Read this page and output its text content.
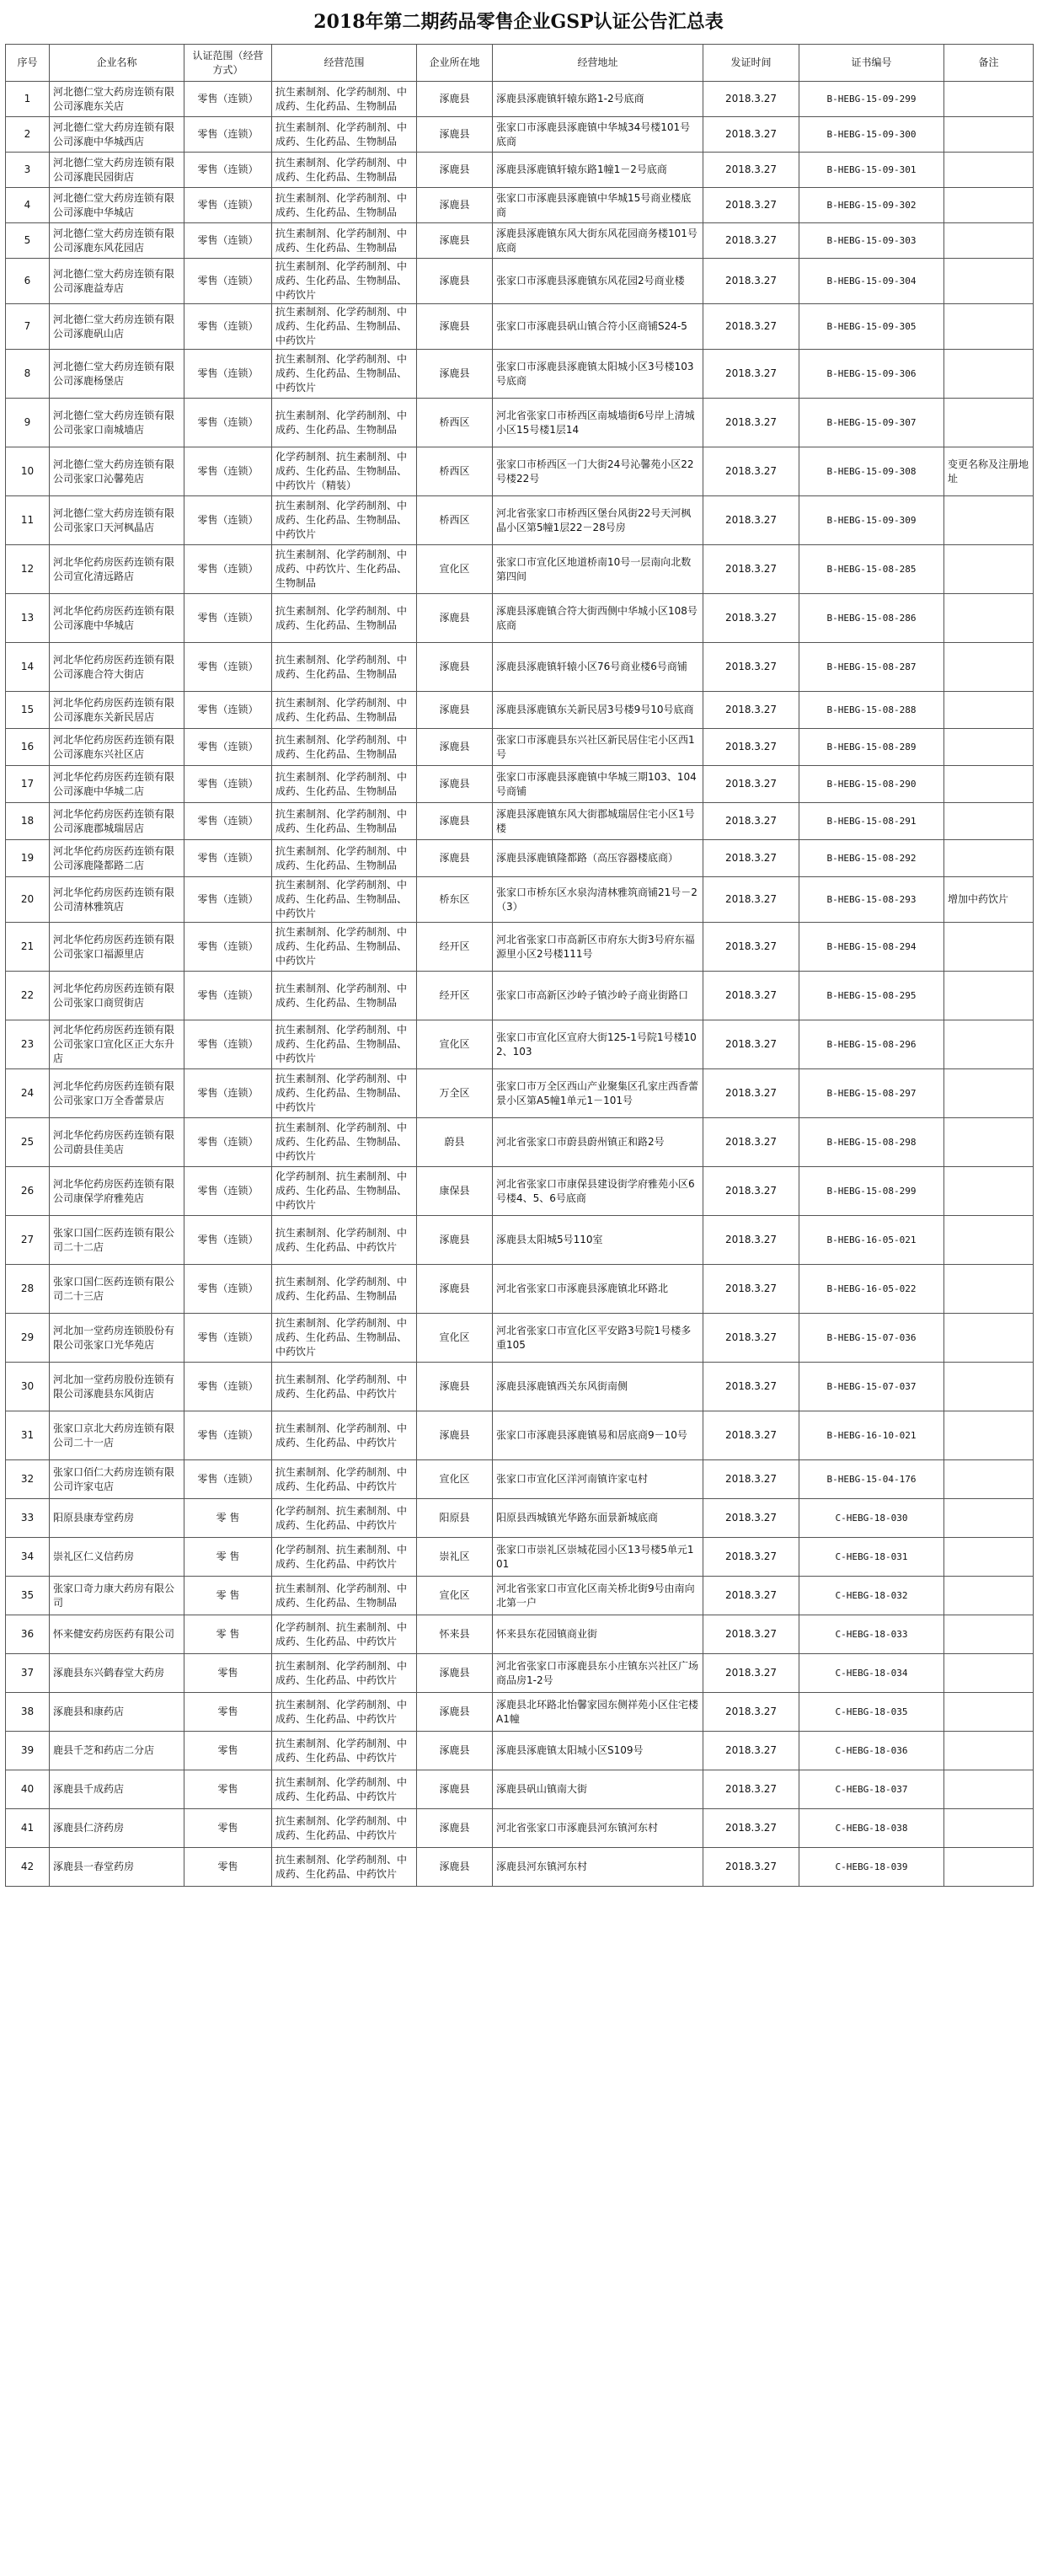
2018年第二期药品零售企业GSP认证公告汇总表
序号	企业名称	认证范围（经营方式）	经营范围	企业所在地	经营地址	发证时间	证书编号	备注
1	河北德仁堂大药房连锁有限公司涿鹿东关店	零售（连锁）	抗生素制剂、化学药制剂、中成药、生化药品、生物制品	涿鹿县	涿鹿县涿鹿镇轩辕东路1-2号底商	2018.3.27	B-HEBG-15-09-299	
2	河北德仁堂大药房连锁有限公司涿鹿中华城西店	零售（连锁）	抗生素制剂、化学药制剂、中成药、生化药品、生物制品	涿鹿县	张家口市涿鹿县涿鹿镇中华城34号楼101号底商	2018.3.27	B-HEBG-15-09-300	
3	河北德仁堂大药房连锁有限公司涿鹿民园街店	零售（连锁）	抗生素制剂、化学药制剂、中成药、生化药品、生物制品	涿鹿县	涿鹿县涿鹿镇轩辕东路1幢1－2号底商	2018.3.27	B-HEBG-15-09-301	
4	河北德仁堂大药房连锁有限公司涿鹿中华城店	零售（连锁）	抗生素制剂、化学药制剂、中成药、生化药品、生物制品	涿鹿县	张家口市涿鹿县涿鹿镇中华城15号商业楼底商	2018.3.27	B-HEBG-15-09-302	
5	河北德仁堂大药房连锁有限公司涿鹿东风花园店	零售（连锁）	抗生素制剂、化学药制剂、中成药、生化药品、生物制品	涿鹿县	涿鹿县涿鹿镇东风大街东风花园商务楼101号底商	2018.3.27	B-HEBG-15-09-303	
6	河北德仁堂大药房连锁有限公司涿鹿益寿店	零售（连锁）	抗生素制剂、化学药制剂、中成药、生化药品、生物制品、中药饮片	涿鹿县	张家口市涿鹿县涿鹿镇东风花园2号商业楼	2018.3.27	B-HEBG-15-09-304	
7	河北德仁堂大药房连锁有限公司涿鹿矾山店	零售（连锁）	抗生素制剂、化学药制剂、中成药、生化药品、生物制品、中药饮片	涿鹿县	张家口市涿鹿县矾山镇合符小区商铺S24-5	2018.3.27	B-HEBG-15-09-305	
8	河北德仁堂大药房连锁有限公司涿鹿杨堡店	零售（连锁）	抗生素制剂、化学药制剂、中成药、生化药品、生物制品、中药饮片	涿鹿县	张家口市涿鹿县涿鹿镇太阳城小区3号楼103号底商	2018.3.27	B-HEBG-15-09-306	
9	河北德仁堂大药房连锁有限公司张家口南城墙店	零售（连锁）	抗生素制剂、化学药制剂、中成药、生化药品、生物制品	桥西区	河北省张家口市桥西区南城墙街6号岸上清城小区15号楼1层14	2018.3.27	B-HEBG-15-09-307	
10	河北德仁堂大药房连锁有限公司张家口沁馨苑店	零售（连锁）	化学药制剂、抗生素制剂、中成药、生化药品、生物制品、中药饮片（精装）	桥西区	张家口市桥西区一门大街24号沁馨苑小区22号楼22号	2018.3.27	B-HEBG-15-09-308	变更名称及注册地址
11	河北德仁堂大药房连锁有限公司张家口天河枫晶店	零售（连锁）	抗生素制剂、化学药制剂、中成药、生化药品、生物制品、中药饮片	桥西区	河北省张家口市桥西区堡台风街22号天河枫晶小区第5幢1层22－28号房	2018.3.27	B-HEBG-15-09-309	
12	河北华佗药房医药连锁有限公司宣化清远路店	零售（连锁）	抗生素制剂、化学药制剂、中成药、中药饮片、生化药品、生物制品	宣化区	张家口市宣化区地道桥南10号一层南向北数第四间	2018.3.27	B-HEBG-15-08-285	
13	河北华佗药房医药连锁有限公司涿鹿中华城店	零售（连锁）	抗生素制剂、化学药制剂、中成药、生化药品、生物制品	涿鹿县	涿鹿县涿鹿镇合符大街西侧中华城小区108号底商	2018.3.27	B-HEBG-15-08-286	
14	河北华佗药房医药连锁有限公司涿鹿合符大街店	零售（连锁）	抗生素制剂、化学药制剂、中成药、生化药品、生物制品	涿鹿县	涿鹿县涿鹿镇轩辕小区76号商业楼6号商铺	2018.3.27	B-HEBG-15-08-287	
15	河北华佗药房医药连锁有限公司涿鹿东关新民居店	零售（连锁）	抗生素制剂、化学药制剂、中成药、生化药品、生物制品	涿鹿县	涿鹿县涿鹿镇东关新民居3号楼9号10号底商	2018.3.27	B-HEBG-15-08-288	
16	河北华佗药房医药连锁有限公司涿鹿东兴社区店	零售（连锁）	抗生素制剂、化学药制剂、中成药、生化药品、生物制品	涿鹿县	张家口市涿鹿县东兴社区新民居住宅小区西1号	2018.3.27	B-HEBG-15-08-289	
17	河北华佗药房医药连锁有限公司涿鹿中华城二店	零售（连锁）	抗生素制剂、化学药制剂、中成药、生化药品、生物制品	涿鹿县	张家口市涿鹿县涿鹿镇中华城三期103、104号商铺	2018.3.27	B-HEBG-15-08-290	
18	河北华佗药房医药连锁有限公司涿鹿郡城瑞居店	零售（连锁）	抗生素制剂、化学药制剂、中成药、生化药品、生物制品	涿鹿县	涿鹿县涿鹿镇东风大街郡城瑞居住宅小区1号楼	2018.3.27	B-HEBG-15-08-291	
19	河北华佗药房医药连锁有限公司涿鹿隆都路二店	零售（连锁）	抗生素制剂、化学药制剂、中成药、生化药品、生物制品	涿鹿县	涿鹿县涿鹿镇隆都路（高压容器楼底商）	2018.3.27	B-HEBG-15-08-292	
20	河北华佗药房医药连锁有限公司清林雅筑店	零售（连锁）	抗生素制剂、化学药制剂、中成药、生化药品、生物制品、中药饮片	桥东区	张家口市桥东区水泉沟清林雅筑商铺21号－2（3）	2018.3.27	B-HEBG-15-08-293	增加中药饮片
21	河北华佗药房医药连锁有限公司张家口福源里店	零售（连锁）	抗生素制剂、化学药制剂、中成药、生化药品、生物制品、中药饮片	经开区	河北省张家口市高新区市府东大街3号府东福源里小区2号楼111号	2018.3.27	B-HEBG-15-08-294	
22	河北华佗药房医药连锁有限公司张家口商贸街店	零售（连锁）	抗生素制剂、化学药制剂、中成药、生化药品、生物制品	经开区	张家口市高新区沙岭子镇沙岭子商业街路口	2018.3.27	B-HEBG-15-08-295	
23	河北华佗药房医药连锁有限公司张家口宣化区正大东升店	零售（连锁）	抗生素制剂、化学药制剂、中成药、生化药品、生物制品、中药饮片	宣化区	张家口市宣化区宣府大街125-1号院1号楼102、103	2018.3.27	B-HEBG-15-08-296	
24	河北华佗药房医药连锁有限公司张家口万全香蕾景店	零售（连锁）	抗生素制剂、化学药制剂、中成药、生化药品、生物制品、中药饮片	万全区	张家口市万全区西山产业聚集区孔家庄西香蕾景小区第A5幢1单元1－101号	2018.3.27	B-HEBG-15-08-297	
25	河北华佗药房医药连锁有限公司蔚县佳美店	零售（连锁）	抗生素制剂、化学药制剂、中成药、生化药品、生物制品、中药饮片	蔚县	河北省张家口市蔚县蔚州镇正和路2号	2018.3.27	B-HEBG-15-08-298	
26	河北华佗药房医药连锁有限公司康保学府雅苑店	零售（连锁）	化学药制剂、抗生素制剂、中成药、生化药品、生物制品、中药饮片	康保县	河北省张家口市康保县建设街学府雅苑小区6号楼4、5、6号底商	2018.3.27	B-HEBG-15-08-299	
27	张家口国仁医药连锁有限公司二十二店	零售（连锁）	抗生素制剂、化学药制剂、中成药、生化药品、中药饮片	涿鹿县	涿鹿县太阳城5号110室	2018.3.27	B-HEBG-16-05-021	
28	张家口国仁医药连锁有限公司二十三店	零售（连锁）	抗生素制剂、化学药制剂、中成药、生化药品、生物制品	涿鹿县	河北省张家口市涿鹿县涿鹿镇北环路北	2018.3.27	B-HEBG-16-05-022	
29	河北加一堂药房连锁股份有限公司张家口光华苑店	零售（连锁）	抗生素制剂、化学药制剂、中成药、生化药品、生物制品、中药饮片	宣化区	河北省张家口市宣化区平安路3号院1号楼多重105	2018.3.27	B-HEBG-15-07-036	
30	河北加一堂药房股份连锁有限公司涿鹿县东风街店	零售（连锁）	抗生素制剂、化学药制剂、中成药、生化药品、中药饮片	涿鹿县	涿鹿县涿鹿镇西关东风街南侧	2018.3.27	B-HEBG-15-07-037	
31	张家口京北大药房连锁有限公司二十一店	零售（连锁）	抗生素制剂、化学药制剂、中成药、生化药品、中药饮片	涿鹿县	张家口市涿鹿县涿鹿镇易和居底商9－10号	2018.3.27	B-HEBG-16-10-021	
32	张家口佰仁大药房连锁有限公司许家屯店	零售（连锁）	抗生素制剂、化学药制剂、中成药、生化药品、中药饮片	宣化区	张家口市宣化区洋河南镇许家屯村	2018.3.27	B-HEBG-15-04-176	
33	阳原县康寿堂药房	零 售	化学药制剂、抗生素制剂、中成药、生化药品、中药饮片	阳原县	阳原县西城镇光华路东面景新城底商	2018.3.27	C-HEBG-18-030	
34	崇礼区仁义信药房	零 售	化学药制剂、抗生素制剂、中成药、生化药品、中药饮片	崇礼区	张家口市崇礼区崇城花园小区13号楼5单元101	2018.3.27	C-HEBG-18-031	
35	张家口奇力康大药房有限公司	零 售	抗生素制剂、化学药制剂、中成药、生化药品、生物制品	宣化区	河北省张家口市宣化区南关桥北街9号由南向北第一户	2018.3.27	C-HEBG-18-032	
36	怀来健安药房医药有限公司	零 售	化学药制剂、抗生素制剂、中成药、生化药品、中药饮片	怀来县	怀来县东花园镇商业街	2018.3.27	C-HEBG-18-033	
37	涿鹿县东兴鹤春堂大药房	零售	抗生素制剂、化学药制剂、中成药、生化药品、中药饮片	涿鹿县	河北省张家口市涿鹿县东小庄镇东兴社区广场商品房1-2号	2018.3.27	C-HEBG-18-034	
38	涿鹿县和康药店	零售	抗生素制剂、化学药制剂、中成药、生化药品、中药饮片	涿鹿县	涿鹿县北环路北怡馨家园东侧祥苑小区住宅楼A1幢	2018.3.27	C-HEBG-18-035	
39	鹿县千芝和药店二分店	零售	抗生素制剂、化学药制剂、中成药、生化药品、中药饮片	涿鹿县	涿鹿县涿鹿镇太阳城小区S109号	2018.3.27	C-HEBG-18-036	
40	涿鹿县千成药店	零售	抗生素制剂、化学药制剂、中成药、生化药品、中药饮片	涿鹿县	涿鹿县矾山镇南大街	2018.3.27	C-HEBG-18-037	
41	涿鹿县仁济药房	零售	抗生素制剂、化学药制剂、中成药、生化药品、中药饮片	涿鹿县	河北省张家口市涿鹿县河东镇河东村	2018.3.27	C-HEBG-18-038	
42	涿鹿县一春堂药房	零售	抗生素制剂、化学药制剂、中成药、生化药品、中药饮片	涿鹿县	涿鹿县河东镇河东村	2018.3.27	C-HEBG-18-039	
